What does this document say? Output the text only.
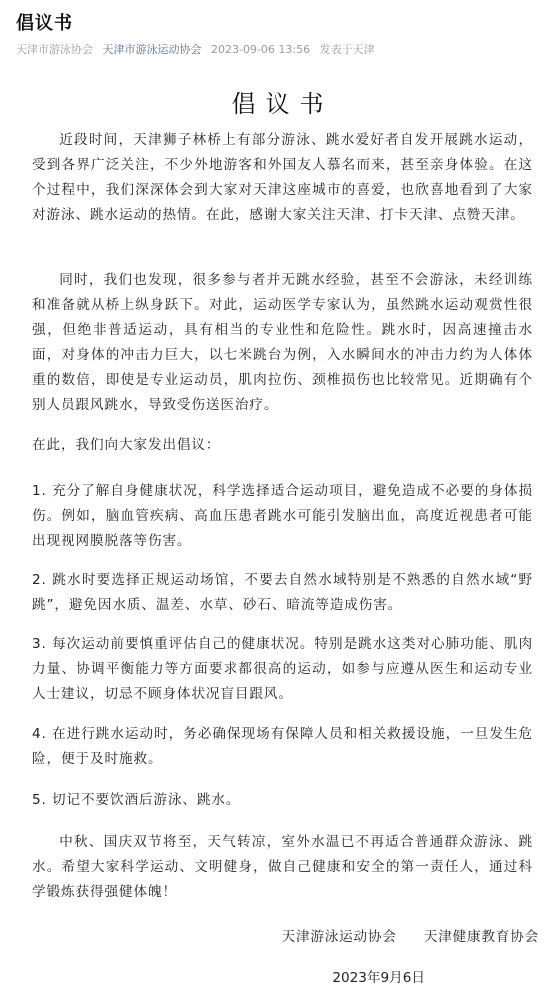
倡议书
天津市游泳协会 天津市游泳运动协会 2023-09-06 13:56 发表于天津
倡议书

近段时间，天津狮子林桥上有部分游泳、跳水爱好者自发开展跳水运动，受到各界广泛关注，不少外地游客和外国友人慕名而来，甚至亲身体验。在这个过程中，我们深深体会到大家对天津这座城市的喜爱，也欣喜地看到了大家对游泳、跳水运动的热情。在此，感谢大家关注天津、打卡天津、点赞天津。

同时，我们也发现，很多参与者并无跳水经验，甚至不会游泳，未经训练和准备就从桥上纵身跃下。对此，运动医学专家认为，虽然跳水运动观赏性很强，但绝非普适运动，具有相当的专业性和危险性。跳水时，因高速撞击水面，对身体的冲击力巨大，以七米跳台为例，入水瞬间水的冲击力约为人体体重的数倍，即使是专业运动员，肌肉拉伤、颈椎损伤也比较常见。近期确有个别人员跟风跳水，导致受伤送医治疗。

在此，我们向大家发出倡议：

1. 充分了解自身健康状况，科学选择适合运动项目，避免造成不必要的身体损伤。例如，脑血管疾病、高血压患者跳水可能引发脑出血，高度近视患者可能出现视网膜脱落等伤害。

2. 跳水时要选择正规运动场馆，不要去自然水域特别是不熟悉的自然水域“野跳”，避免因水质、温差、水草、砂石、暗流等造成伤害。

3. 每次运动前要慎重评估自己的健康状况。特别是跳水这类对心肺功能、肌肉力量、协调平衡能力等方面要求都很高的运动，如参与应遵从医生和运动专业人士建议，切忌不顾身体状况盲目跟风。

4. 在进行跳水运动时，务必确保现场有保障人员和相关救援设施，一旦发生危险，便于及时施救。

5. 切记不要饮酒后游泳、跳水。

中秋、国庆双节将至，天气转凉，室外水温已不再适合普通群众游泳、跳水。希望大家科学运动、文明健身，做自己健康和安全的第一责任人，通过科学锻炼获得强健体魄！

天津游泳运动协会 天津健康教育协会
2023年9月6日
